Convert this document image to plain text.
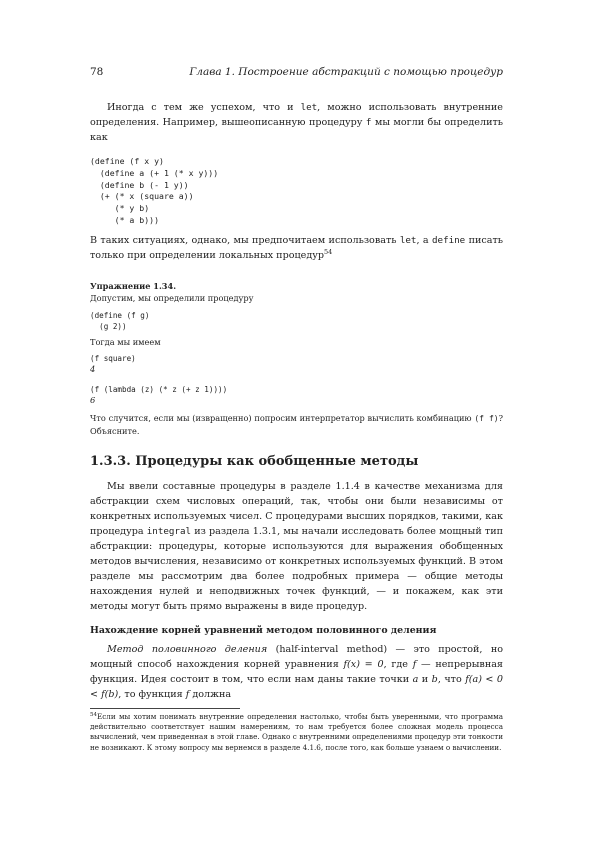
78	Глава 1. Построение абстракций с помощью процедур

Иногда с тем же успехом, что и let, можно использовать внутренние определения. Например, вышеописанную процедуру f мы могли бы определить как

(define (f x y)
(define a (+ 1 (* x y)))
(define b (- 1 y))
(+ (* x (square a))
(* y b)
(* a b)))

В таких ситуациях, однако, мы предпочитаем использовать let, а define писать только при определении локальных процедур$^{54}$

Упражнение 1.34.
Допустим, мы определили процедуру
(define (f g)
(g 2))
Тогда мы имеем
(f square)
4
(f (lambda (z) (* z (+ z 1))))
6
Что случится, если мы (извращенно) попросим интерпретатор вычислить комбинацию (f f)? Объясните.
1.3.3. Процедуры как обобщенные методы

Мы ввели составные процедуры в разделе 1.1.4 в качестве механизма для абстракции схем числовых операций, так, чтобы они были независимы от конкретных используемых чисел. С процедурами высших порядков, такими, как процедура integral из раздела 1.3.1, мы начали исследовать более мощный тип абстракции: процедуры, которые используются для выражения обобщенных методов вычисления, независимо от конкретных используемых функций. В этом разделе мы рассмотрим два более подробных примера — общие методы нахождения нулей и неподвижных точек функций, — и покажем, как эти методы могут быть прямо выражены в виде процедур.

Нахождение корней уравнений методом половинного деления

Метод половинного деления (half-interval method) — это простой, но мощный способ нахождения корней уравнения f(x) = 0, где f — непрерывная функция. Идея состоит в том, что если нам даны такие точки a и b, что f(a) < 0 < f(b), то функция f должна

$^{54}$Если мы хотим понимать внутренние определения настолько, чтобы быть уверенными, что программа действительно соответствует нашим намерениям, то нам требуется более сложная модель процесса вычислений, чем приведенная в этой главе. Однако с внутренними определениями процедур эти тонкости не возникают. К этому вопросу мы вернемся в разделе 4.1.6, после того, как больше узнаем о вычислении.
